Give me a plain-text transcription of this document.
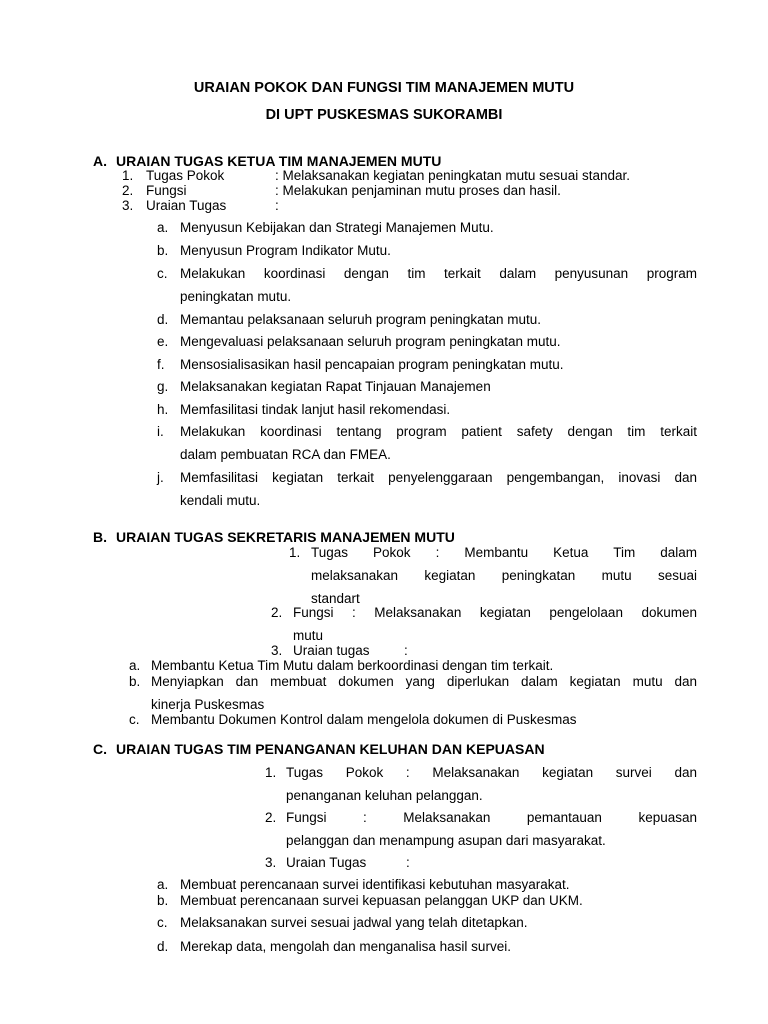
URAIAN POKOK DAN FUNGSI TIM MANAJEMEN MUTU
DI UPT PUSKESMAS SUKORAMBI
A. URAIAN TUGAS KETUA TIM MANAJEMEN MUTU
1. Tugas Pokok	: Melaksanakan kegiatan peningkatan mutu sesuai standar.
2. Fungsi	: Melakukan penjaminan mutu proses dan hasil.
3. Uraian Tugas	:
a. Menyusun Kebijakan dan Strategi Manajemen Mutu.
b. Menyusun Program Indikator Mutu.
c. Melakukan koordinasi dengan tim terkait dalam penyusunan program
peningkatan mutu.
d. Memantau pelaksanaan seluruh program peningkatan mutu.
e. Mengevaluasi pelaksanaan seluruh program peningkatan mutu.
f. Mensosialisasikan hasil pencapaian program peningkatan mutu.
g. Melaksanakan kegiatan Rapat Tinjauan Manajemen
h. Memfasilitasi tindak lanjut hasil rekomendasi.
i. Melakukan koordinasi tentang program patient safety dengan tim terkait
dalam pembuatan RCA dan FMEA.
j. Memfasilitasi kegiatan terkait penyelenggaraan pengembangan, inovasi dan
kendali mutu.
B. URAIAN TUGAS SEKRETARIS MANAJEMEN MUTU
1. Tugas Pokok : Membantu Ketua Tim dalam
melaksanakan kegiatan peningkatan mutu sesuai
standart
2. Fungsi : Melaksanakan kegiatan pengelolaan dokumen
mutu
3. Uraian tugas	:
a. Membantu Ketua Tim Mutu dalam berkoordinasi dengan tim terkait.
b. Menyiapkan dan membuat dokumen yang diperlukan dalam kegiatan mutu dan
kinerja Puskesmas
c. Membantu Dokumen Kontrol dalam mengelola dokumen di Puskesmas
C. URAIAN TUGAS TIM PENANGANAN KELUHAN DAN KEPUASAN
1. Tugas Pokok : Melaksanakan kegiatan survei dan
penanganan keluhan pelanggan.
2. Fungsi : Melaksanakan pemantauan kepuasan
pelanggan dan menampung asupan dari masyarakat.
3. Uraian Tugas	:
a. Membuat perencanaan survei identifikasi kebutuhan masyarakat.
b. Membuat perencanaan survei kepuasan pelanggan UKP dan UKM.
c. Melaksanakan survei sesuai jadwal yang telah ditetapkan.
d. Merekap data, mengolah dan menganalisa hasil survei.
